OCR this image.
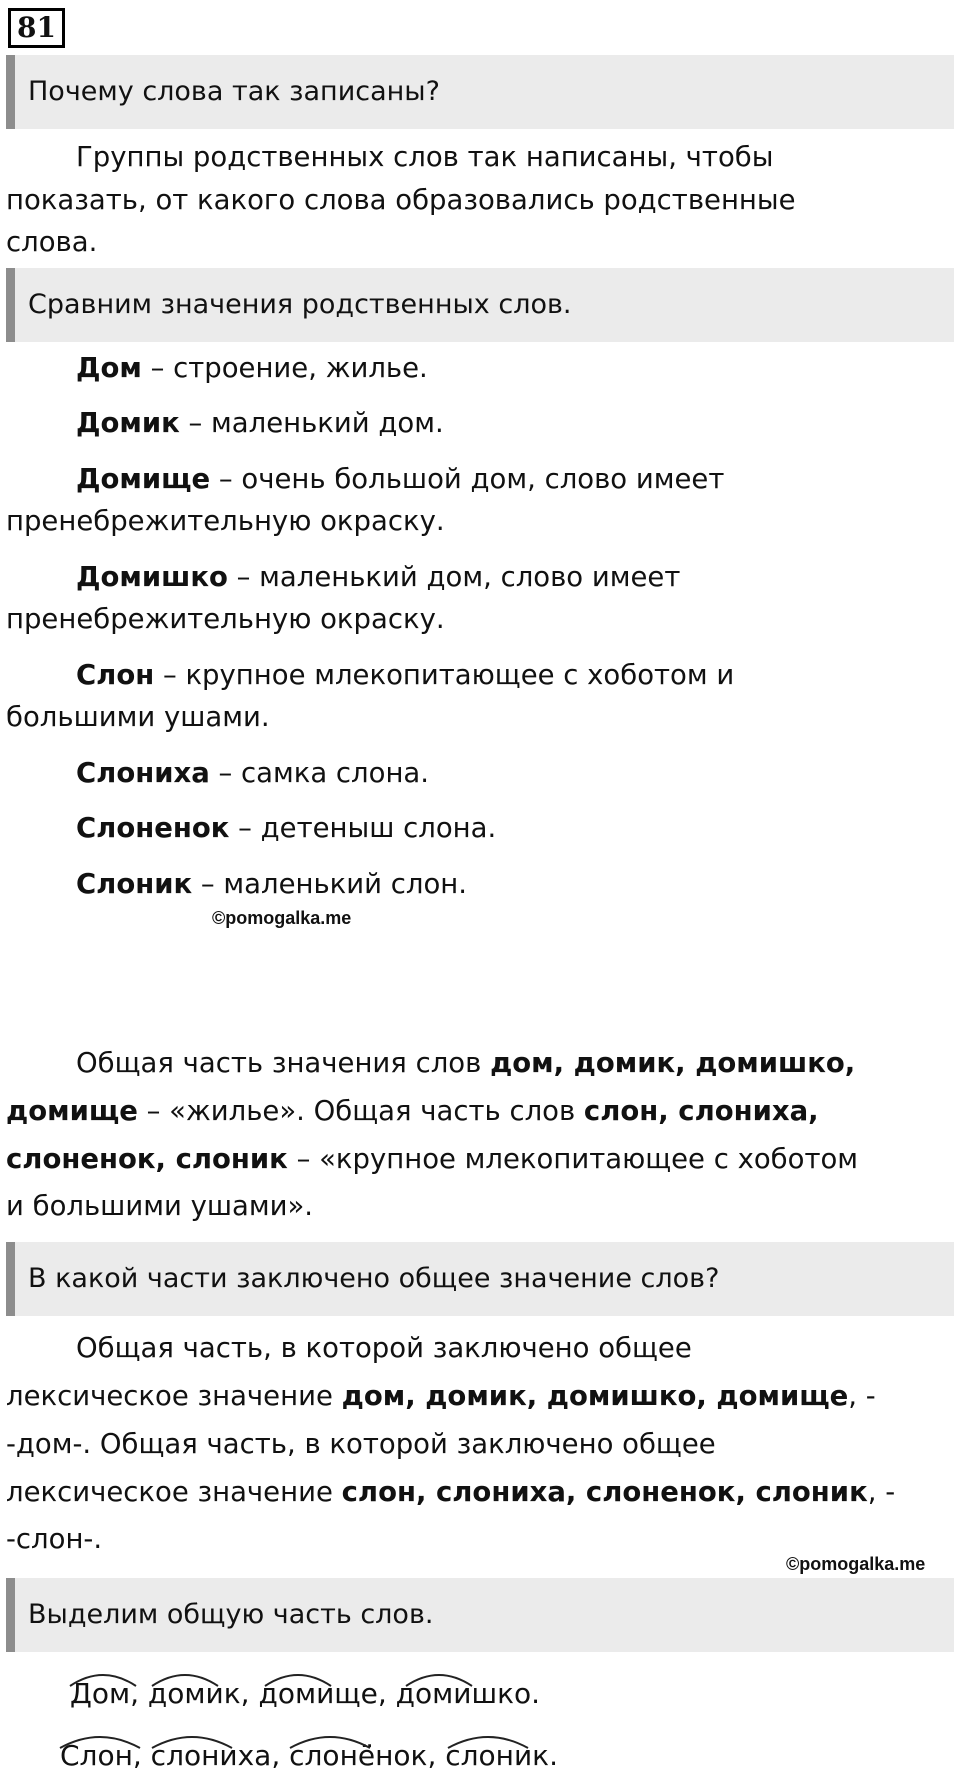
81
Почему слова так записаны?

Группы родственных слов так написаны, чтобы

показать, от какого слова образовались родственные

слова.

Сравним значения родственных слов.

Дом – строение, жилье.

Домик – маленький дом.

Домище – очень большой дом, слово имеет

пренебрежительную окраску.

Домишко – маленький дом, слово имеет

пренебрежительную окраску.

Слон – крупное млекопитающее с хоботом и

большими ушами.

Слониха – самка слона.

©pomogalka.me

Слоненок – детеныш слона.

Слоник – маленький слон.

Общая часть значения слов дом, домик, домишко,

домище – «жилье». Общая часть слов слон, слониха,

слоненок, слоник – «крупное млекопитающее с хоботом

и большими ушами».

В какой части заключено общее значение слов?

Общая часть, в которой заключено общее

лексическое значение дом, домик, домишко, домище, -

-дом-. Общая часть, в которой заключено общее

лексическое значение слон, слониха, слоненок, слоник, -

-слон-.

©pomogalka.me
Выделим общую часть слов.
Дом, домик, домище, домишко.
Слон, слониха, слонёнок, слоник.
